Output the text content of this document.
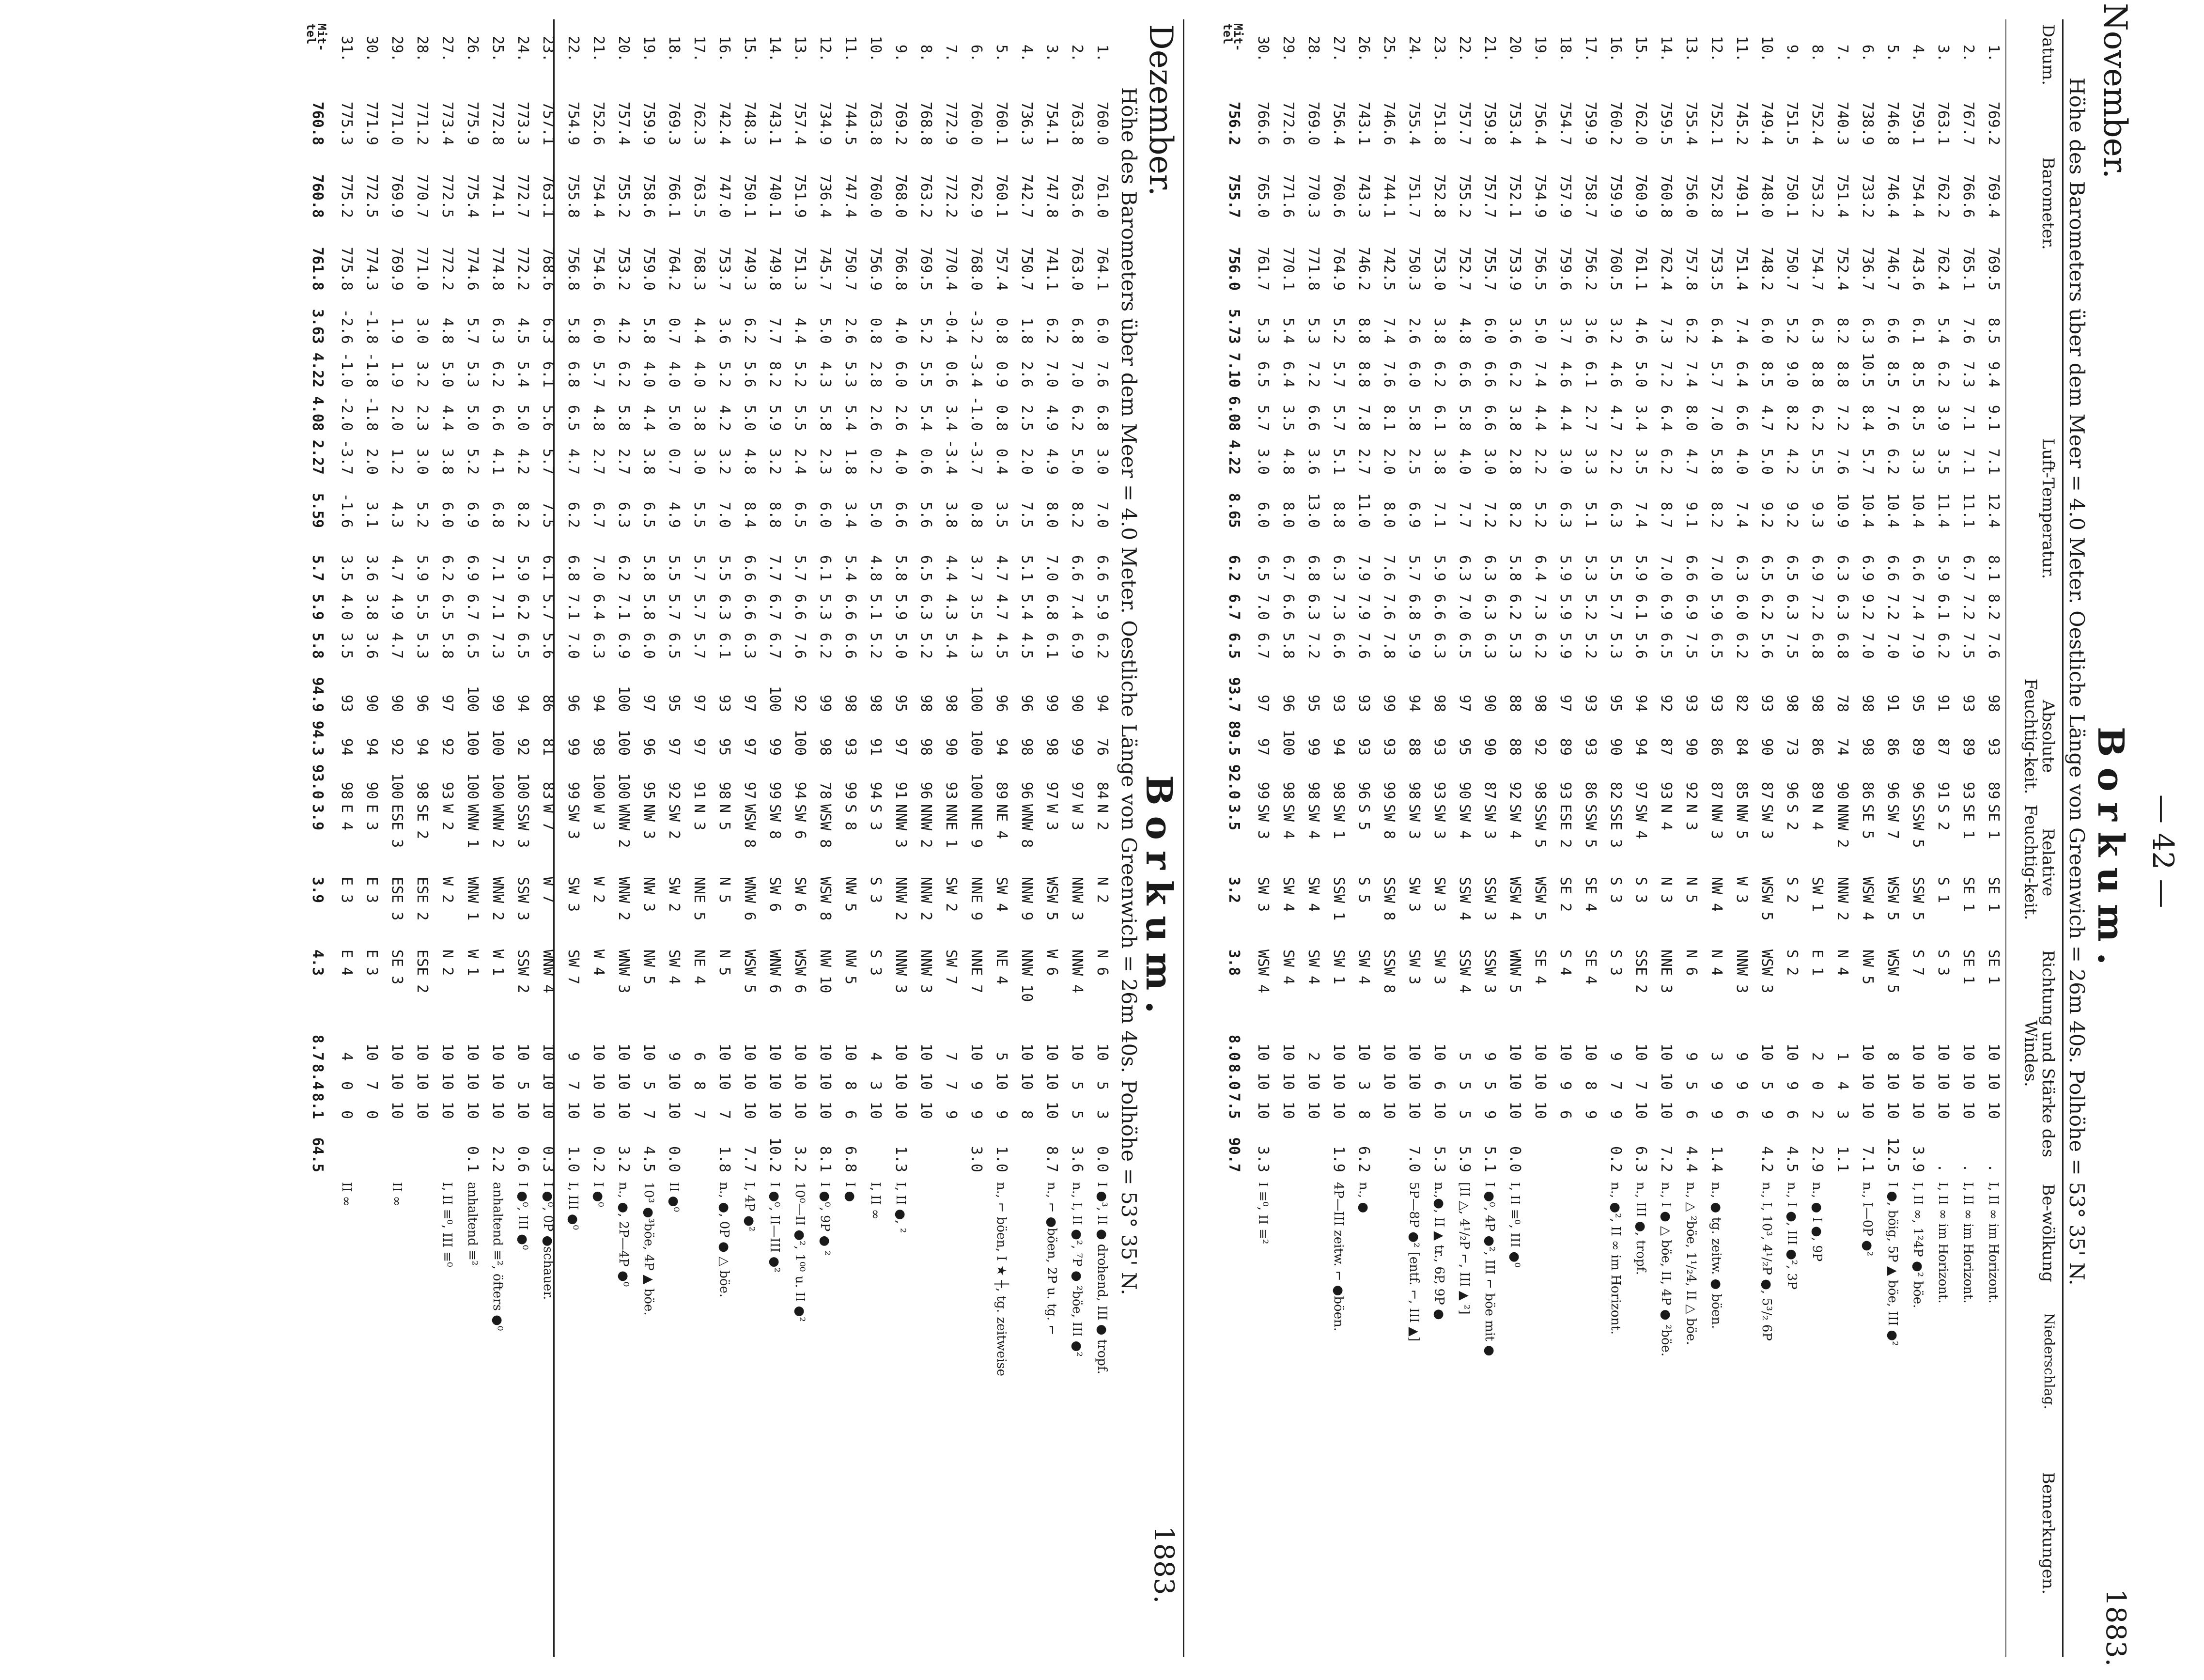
— 42 —
November.
Borkum.
1883.
Höhe des Barometers über dem Meer = 4.0 Meter. Oestliche Länge von Greenwich = 26m 40s. Polhöhe = 53° 35' N.
Datum.
Barometer.
Luft-Temperatur.
Absolute Feuchtig-keit.
Relative Feuchtig-keit.
Richtung und Stärke des Windes.
Be-wölkung
Niederschlag.
Bemerkungen.
1.
769.2
769.4
769.5
8.5
9.4
9.1
7.1
12.4
8.1
8.2
7.6
98
93
89
SE 1
SE 1
SE 1
10
10
10
.
I, II ∞ im Horizont.
2.
767.7
766.6
765.1
7.6
7.3
7.1
7.1
11.1
6.7
7.2
7.5
93
89
93
SE 1
SE 1
SE 1
10
10
10
.
I, II ∞ im Horizont.
3.
763.1
762.2
762.4
5.4
6.2
3.9
3.5
11.4
5.9
6.1
6.2
91
87
91
S 2
S 1
S 3
10
10
10
.
I, II ∞ im Horizont.
4.
759.1
754.4
743.6
6.1
8.5
8.5
3.3
10.4
6.6
7.4
7.9
95
89
96
SSW 5
SSW 5
S 7
10
10
10
3.9
I, II ∞, 1²4P ●² böe.
5.
746.8
746.4
746.7
6.6
8.5
7.6
6.2
10.4
6.6
7.2
7.0
91
86
96
SW 7
WSW 5
WSW 5
8
10
10
12.5
I ●, böig, 5P ▲ böe, III ●²
6.
738.9
733.2
736.7
6.3
10.5
8.4
5.7
10.4
6.9
9.2
7.0
98
98
86
SE 5
WSW 4
NW 5
10
10
10
7.1
n., I—0P ●²
7.
740.3
751.4
752.4
8.2
8.8
7.2
7.6
10.9
6.3
6.3
6.8
78
74
90
NNW 2
NNW 2
N 4
1
4
3
1.1
8.
752.4
753.2
754.7
6.3
8.8
6.2
5.5
9.3
6.9
7.2
6.8
98
86
89
N 4
SW 1
E 1
2
0
2
2.9
n., ● I ●, 9P
9.
751.5
750.1
750.7
5.2
9.0
8.2
4.2
9.2
6.5
6.3
7.5
98
73
96
S 2
S 2
S 2
10
9
6
4.5
n., I ●, III ●², 3P
10.
749.4
748.0
748.2
6.0
8.5
4.7
5.0
9.2
6.5
6.2
5.6
93
90
87
SW 3
WSW 5
WSW 3
10
5
9
4.2
n., I, 10³, 4¹/₂P ●, 5³/₂ 6P
11.
745.2
749.1
751.4
7.4
6.4
6.6
4.0
7.4
6.3
6.0
6.2
82
84
85
NW 5
W 3
NNW 3
9
9
6
12.
752.1
752.8
753.5
6.4
5.7
7.0
5.8
8.2
7.0
5.9
6.5
93
86
87
NW 3
NW 4
N 4
3
9
9
1.4
n., ● tg. zeitw. ● böen.
13.
755.4
756.0
757.8
6.2
7.4
8.0
4.7
9.1
6.6
6.9
7.5
93
90
92
N 3
N 5
N 6
9
5
6
4.4
n., △ ²böe, 1¹/₂4, II △ böe.
14.
759.5
760.8
762.4
7.3
7.2
6.4
6.2
8.7
7.0
6.9
6.5
92
87
93
N 4
N 3
NNE 3
10
10
10
7.2
n., I ● △ böe, II, 4P ● ²böe.
15.
762.0
760.9
761.1
4.6
5.0
3.4
3.5
7.4
5.9
6.1
5.6
94
94
97
SW 4
S 3
SSE 2
10
7
10
6.3
n., III ●, tropf.
16.
760.2
759.9
760.5
3.2
4.6
4.7
2.2
6.3
5.5
5.7
5.3
95
90
82
SSE 3
S 3
S 3
9
7
9
0.2
n., ●², II ∞ im Horizont.
17.
759.9
758.7
756.2
3.6
6.1
2.7
3.3
5.1
5.3
5.2
5.2
93
93
86
SSW 5
SE 4
SE 4
10
8
9
18.
754.7
757.9
759.6
3.7
4.6
4.4
3.0
6.3
5.9
5.9
5.9
97
89
93
ESE 2
SE 2
S 4
10
9
6
19.
756.4
754.9
756.5
5.0
7.4
4.4
2.2
5.2
6.4
7.3
6.2
98
92
98
SSW 5
WSW 5
SE 4
10
10
10
20.
753.4
752.1
753.9
3.6
6.2
3.8
2.8
8.2
5.8
6.2
5.3
88
88
92
SW 4
WSW 4
WNW 5
10
10
10
0.0
I, II ≡⁰, III ●⁰
21.
759.8
757.7
755.7
6.0
6.6
6.6
3.0
7.2
6.3
6.3
6.3
90
90
87
SW 3
SSW 3
SSW 3
9
5
9
5.1
I ●⁰, 4P ●², III ⌐ böe mit ●
22.
757.7
755.2
752.7
4.8
6.6
5.8
4.0
7.7
6.3
7.0
6.5
97
95
90
SW 4
SSW 4
SSW 4
5
5
5
5.9
[II △, 4¹/₂P ⌐, III ▲ ²]
23.
751.8
752.8
753.0
3.8
6.2
6.1
3.8
7.1
5.9
6.6
6.3
98
93
93
SW 3
SW 3
SW 3
10
6
10
5.3
n.,●, II ▲ tr., 6P, 9P ●
24.
755.4
751.7
750.3
2.6
6.0
5.8
2.5
6.9
5.7
6.8
5.9
94
88
98
SW 3
SW 3
SW 3
10
10
10
7.0
5P—8P ●² [entf. ⌐, III ▲]
25.
746.6
744.1
742.5
7.4
7.6
8.1
2.0
8.0
7.6
7.6
7.8
99
93
99
SW 8
SSW 8
SSW 8
10
10
10
26.
743.1
743.3
746.2
8.8
8.8
7.8
2.7
11.0
7.9
7.9
7.6
93
93
96
S 5
S 5
SW 4
10
3
8
6.2
n., ●
27.
756.4
760.6
764.9
5.2
5.7
5.7
5.1
8.8
6.3
7.3
6.6
93
94
98
SW 1
SSW 1
SW 1
10
10
10
1.9
4P—III zeitw. ⌐ ●böen.
28.
769.0
770.3
771.8
5.3
7.2
6.6
3.6
13.0
6.8
6.3
7.2
95
99
98
SW 4
SW 4
SW 4
2
10
10
29.
772.6
771.6
770.1
5.4
6.4
3.5
4.8
8.0
6.7
6.6
5.8
96
100
98
SW 4
SW 4
SW 4
10
10
10
30.
766.6
765.0
761.7
5.3
6.5
5.7
3.0
6.0
6.5
7.0
6.7
97
97
99
SW 3
SW 3
WSW 4
10
10
10
3.3
I ≡⁰, II ≡²
Mit-tel
756.2
755.7
756.0
5.73
7.10
6.08
4.22
8.65
6.2
6.7
6.5
93.7
89.5
92.0
3.5
3.2
3.8
8.0
8.0
7.5
90.7
Dezember.
Borkum.
1883.
Höhe des Barometers über dem Meer = 4.0 Meter. Oestliche Länge von Greenwich = 26m 40s. Polhöhe = 53° 35' N.
1.
760.0
761.0
764.1
6.0
7.6
6.8
3.0
7.0
6.6
5.9
6.2
94
76
84
N 2
N 2
N 6
10
5
3
0.0
I ●³, II ● drohend, III ● tropf.
2.
763.8
763.6
763.0
6.8
7.0
6.2
5.0
8.2
6.6
7.4
6.9
90
99
97
W 3
NNW 3
NNW 4
10
5
5
3.6
n., I, II ●², ⁷P ● ²böe, III ●²
3.
754.1
747.8
741.1
6.2
7.0
4.9
4.9
8.0
7.0
6.8
6.1
99
98
97
W 3
WSW 5
W 6
10
10
10
8.7
n., ⌐ ●böen, 2P u. tg. ⌐
4.
736.3
742.7
750.7
1.8
2.6
2.5
2.0
7.5
5.1
5.4
4.5
96
98
96
WNW 8
NNW 9
NNW 10
10
10
8
5.
760.1
760.1
757.4
0.8
0.9
0.8
0.4
3.5
4.7
4.7
4.5
96
94
89
NE 4
SW 4
NE 4
5
10
9
1.0
n., ⌐ böen, I ★ ┼, tg. zeitweise
6.
760.0
762.9
768.0
-3.2
-3.4
-1.0
-3.7
0.8
3.7
3.5
4.3
100
100
100
NNE 9
NNE 9
NNE 7
10
9
9
3.0
7.
772.9
772.2
770.4
-0.4
0.6
3.4
-3.4
3.8
4.4
4.3
5.4
98
90
93
NNE 1
SW 2
SW 7
7
7
9
8.
768.8
763.2
769.5
5.2
5.5
5.4
0.6
5.6
6.5
6.3
5.2
98
98
96
NNW 2
NNW 2
NNW 3
10
10
10
9.
769.2
768.0
766.8
4.0
6.0
2.6
4.0
6.6
5.8
5.9
5.0
95
97
91
NNW 3
NNW 2
NNW 3
10
10
10
1.3
I, II ●, ²
10.
763.8
760.0
756.9
0.8
2.8
2.6
0.2
5.0
4.8
5.1
5.2
98
91
94
S 3
S 3
S 3
4
3
10
I, II ∞
11.
744.5
747.4
750.7
2.6
5.3
5.4
1.8
3.4
5.4
6.6
6.6
98
93
99
S 8
NW 5
NW 5
10
8
6
6.8
I ●
12.
734.9
736.4
745.7
5.0
4.3
5.8
2.3
6.0
6.1
5.3
6.2
99
98
78
WSW 8
WSW 8
NW 10
10
10
10
8.1
I ●⁰, 9P ● ²
13.
757.4
751.9
751.3
4.4
5.2
5.5
2.4
6.5
5.7
6.6
7.6
92
100
94
SW 6
SW 6
WSW 6
10
10
10
3.2
10⁰—II ●², 1⁰⁰ u. II ●²
14.
743.1
740.1
749.8
7.7
8.2
5.9
3.2
8.8
7.7
6.7
6.7
100
99
99
SW 8
SW 6
WNW 6
10
10
10
10.2
I ●⁰, II—III ●²
15.
748.3
750.1
749.3
6.2
5.6
5.0
4.8
8.4
6.6
6.6
6.3
97
97
97
WSW 8
WNW 6
WSW 5
10
10
10
7.7
I, 4P ●²
16.
742.4
747.0
753.7
3.6
5.2
4.2
3.2
7.0
5.5
6.3
6.1
93
95
98
N 5
N 5
N 5
10
10
7
1.8
n., ●, 0P ● △ böe.
17.
762.3
763.5
768.3
4.4
4.0
3.8
3.0
5.5
5.7
5.7
5.7
97
97
91
N 3
NNE 5
NE 4
6
8
7
18.
769.3
766.1
764.2
0.7
4.0
5.0
0.7
4.9
5.5
5.7
6.5
95
97
92
SW 2
SW 2
SW 4
9
10
10
0.0
II ●⁰
19.
759.9
758.6
759.0
5.8
4.0
4.4
3.8
6.5
5.8
5.8
6.0
97
96
95
NW 3
NW 3
NW 5
10
5
7
4.5
10³ ●³böe, 4P ▲ böe.
20.
757.4
755.2
753.2
4.2
6.2
5.8
2.7
6.3
6.2
7.1
6.9
100
100
100
WNW 2
WNW 2
WNW 3
10
10
10
3.2
n., ●, 2P—4P ●⁰
21.
752.6
754.4
754.6
6.0
5.7
4.8
2.7
6.7
7.0
6.4
6.3
94
98
100
W 3
W 2
W 4
10
10
10
0.2
I ●⁰
22.
754.9
755.8
756.8
5.8
6.8
6.5
4.7
6.2
6.8
7.1
7.0
96
99
99
SW 3
SW 3
SW 7
9
7
10
1.0
I, III ●⁰
23.
757.1
763.1
768.6
6.3
6.1
5.6
5.7
7.5
6.1
5.7
5.6
86
81
83
W 7
W 7
WNW 4
10
10
10
0.3
I ●⁰, 0P ●schauer.
24.
773.3
772.7
772.2
4.5
5.4
5.0
4.2
8.2
5.9
6.2
6.5
94
92
100
SSW 3
SSW 3
SSW 2
10
5
10
0.6
I ●⁰, III ●⁰
25.
772.8
774.1
774.8
6.3
6.2
6.6
4.1
6.8
7.1
7.1
7.3
99
100
100
WNW 2
WNW 2
W 1
10
10
10
2.2
anhaltend ≡², öfters ●⁰
26.
775.9
775.4
774.6
5.7
5.3
5.0
5.2
6.9
6.9
6.7
6.5
100
100
100
WNW 1
WNW 1
W 1
10
10
10
0.1
anhaltend ≡²
27.
773.4
772.5
772.2
4.8
5.0
4.4
3.8
6.0
6.2
6.5
5.8
97
92
93
W 2
W 2
N 2
10
10
10
I, II ≡⁰, III ≡⁰
28.
771.2
770.7
771.0
3.0
3.2
2.3
3.0
5.2
5.9
5.5
5.3
96
94
98
SE 2
ESE 2
ESE 2
10
10
10
29.
771.0
769.9
769.9
1.9
1.9
2.0
1.2
4.3
4.7
4.9
4.7
90
92
100
ESE 3
ESE 3
SE 3
10
10
10
II ∞
30.
771.9
772.5
774.3
-1.8
-1.8
-1.8
2.0
3.1
3.6
3.8
3.6
90
94
90
E 3
E 3
E 3
10
7
0
31.
775.3
775.2
775.8
-2.6
-1.0
-2.0
-3.7
-1.6
3.5
4.0
3.5
93
94
98
E 4
E 3
E 4
4
0
0
II ∞
Mit-tel
760.8
760.8
761.8
3.63
4.22
4.08
2.27
5.59
5.7
5.9
5.8
94.9
94.3
93.0
3.9
3.9
4.3
8.7
8.4
8.1
64.5
